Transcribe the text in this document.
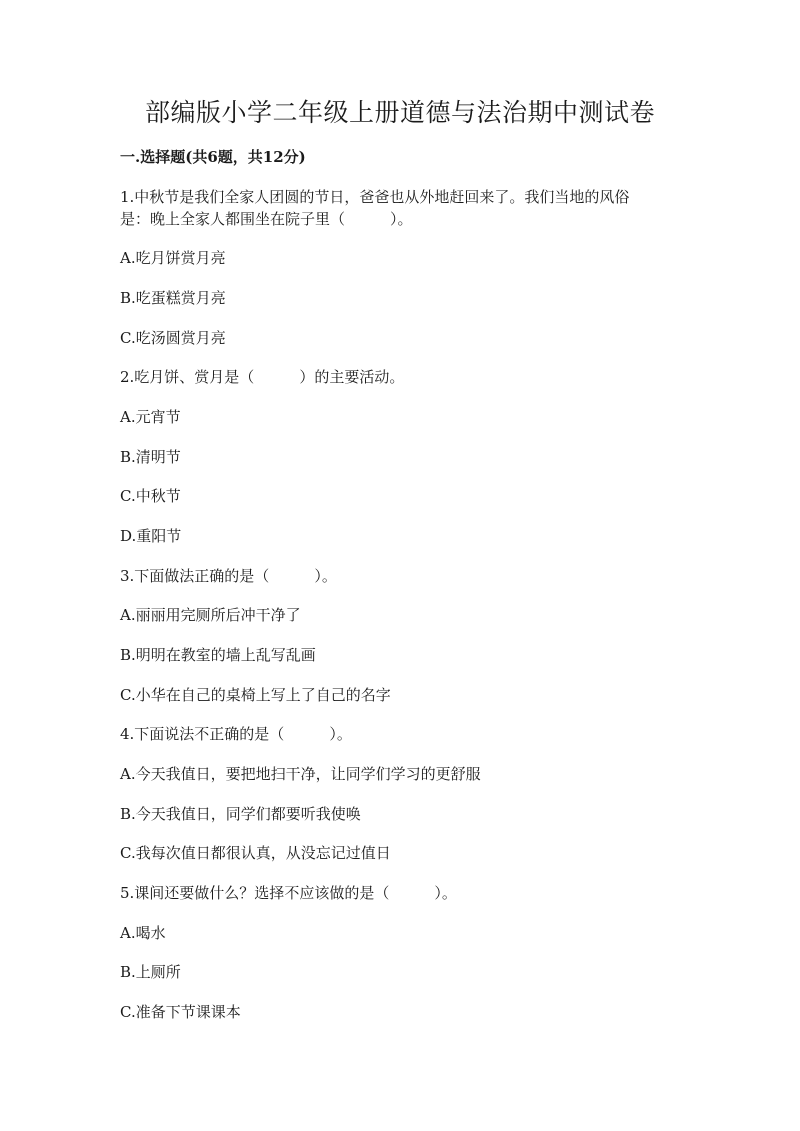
部编版小学二年级上册道德与法治期中测试卷
一.选择题(共6题，共12分)
1.中秋节是我们全家人团圆的节日，爸爸也从外地赶回来了。我们当地的风俗
是：晚上全家人都围坐在院子里（　　　）。
A.吃月饼赏月亮
B.吃蛋糕赏月亮
C.吃汤圆赏月亮
2.吃月饼、赏月是（　　　）的主要活动。
A.元宵节
B.清明节
C.中秋节
D.重阳节
3.下面做法正确的是（　　　）。
A.丽丽用完厕所后冲干净了
B.明明在教室的墙上乱写乱画
C.小华在自己的桌椅上写上了自己的名字
4.下面说法不正确的是（　　　）。
A.今天我值日，要把地扫干净，让同学们学习的更舒服
B.今天我值日，同学们都要听我使唤
C.我每次值日都很认真，从没忘记过值日
5.课间还要做什么？选择不应该做的是（　　　）。
A.喝水
B.上厕所
C.准备下节课课本
